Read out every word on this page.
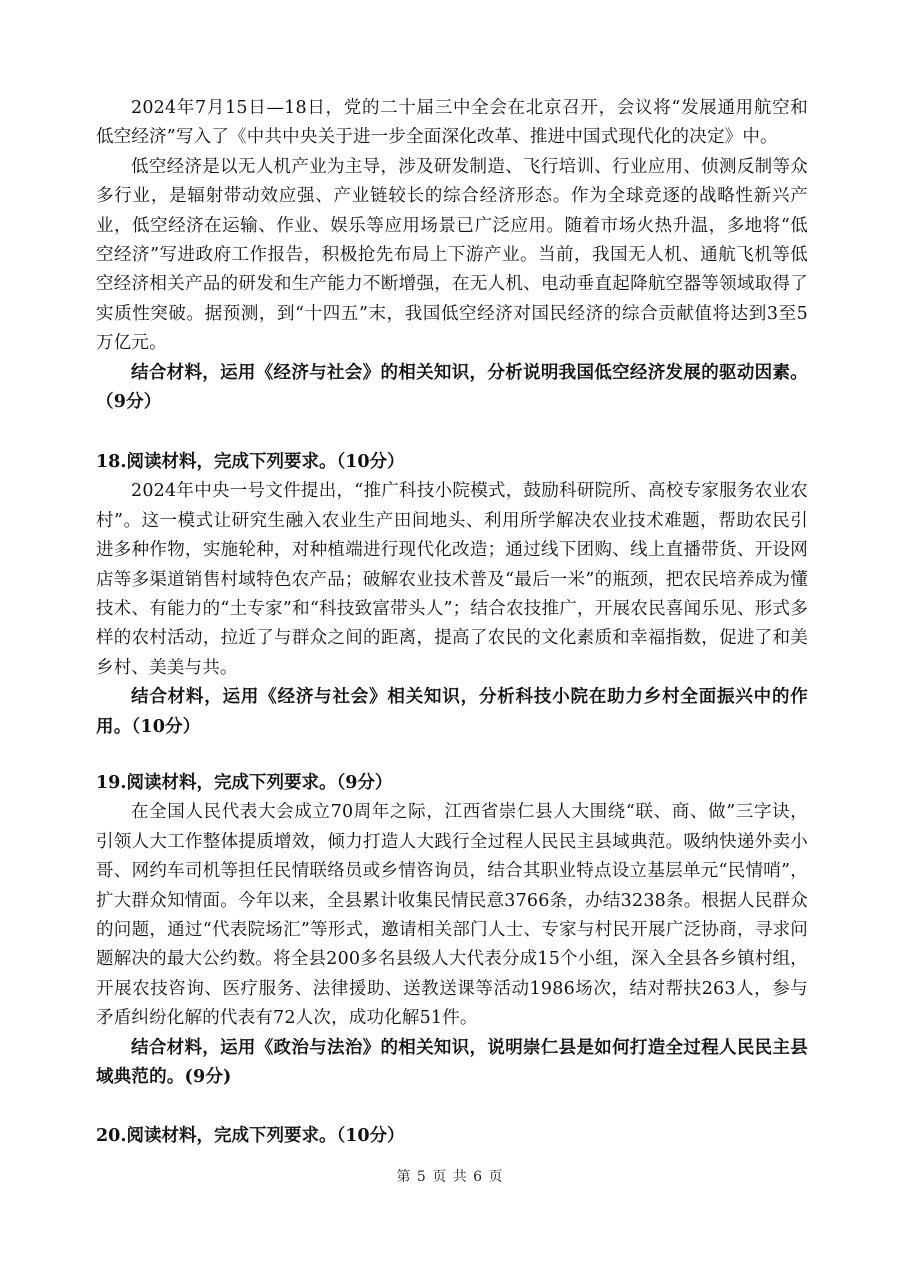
2024年7月15日—18日，党的二十届三中全会在北京召开，会议将“发展通用航空和低空经济”写入了《中共中央关于进一步全面深化改革、推进中国式现代化的决定》中。

低空经济是以无人机产业为主导，涉及研发制造、飞行培训、行业应用、侦测反制等众多行业，是辐射带动效应强、产业链较长的综合经济形态。作为全球竞逐的战略性新兴产业，低空经济在运输、作业、娱乐等应用场景已广泛应用。随着市场火热升温，多地将“低空经济”写进政府工作报告，积极抢先布局上下游产业。当前，我国无人机、通航飞机等低空经济相关产品的研发和生产能力不断增强，在无人机、电动垂直起降航空器等领域取得了实质性突破。据预测，到“十四五”末，我国低空经济对国民经济的综合贡献值将达到3至5万亿元。

结合材料，运用《经济与社会》的相关知识，分析说明我国低空经济发展的驱动因素。（9分）

18.阅读材料，完成下列要求。（10分）

2024年中央一号文件提出，“推广科技小院模式，鼓励科研院所、高校专家服务农业农村”。这一模式让研究生融入农业生产田间地头、利用所学解决农业技术难题，帮助农民引进多种作物，实施轮种，对种植端进行现代化改造；通过线下团购、线上直播带货、开设网店等多渠道销售村域特色农产品；破解农业技术普及“最后一米”的瓶颈，把农民培养成为懂技术、有能力的“土专家”和“科技致富带头人”；结合农技推广，开展农民喜闻乐见、形式多样的农村活动，拉近了与群众之间的距离，提高了农民的文化素质和幸福指数，促进了和美乡村、美美与共。

结合材料，运用《经济与社会》相关知识，分析科技小院在助力乡村全面振兴中的作用。（10分）

19.阅读材料，完成下列要求。（9分）

在全国人民代表大会成立70周年之际，江西省崇仁县人大围绕“联、商、做”三字诀，引领人大工作整体提质增效，倾力打造人大践行全过程人民民主县域典范。吸纳快递外卖小哥、网约车司机等担任民情联络员或乡情咨询员，结合其职业特点设立基层单元“民情哨”，扩大群众知情面。今年以来，全县累计收集民情民意3766条，办结3238条。根据人民群众的问题，通过“代表院场汇”等形式，邀请相关部门人士、专家与村民开展广泛协商，寻求问题解决的最大公约数。将全县200多名县级人大代表分成15个小组，深入全县各乡镇村组，开展农技咨询、医疗服务、法律援助、送教送课等活动1986场次，结对帮扶263人，参与矛盾纠纷化解的代表有72人次，成功化解51件。

结合材料，运用《政治与法治》的相关知识，说明崇仁县是如何打造全过程人民民主县域典范的。(9分)

20.阅读材料，完成下列要求。（10分）
第 5 页 共 6 页
